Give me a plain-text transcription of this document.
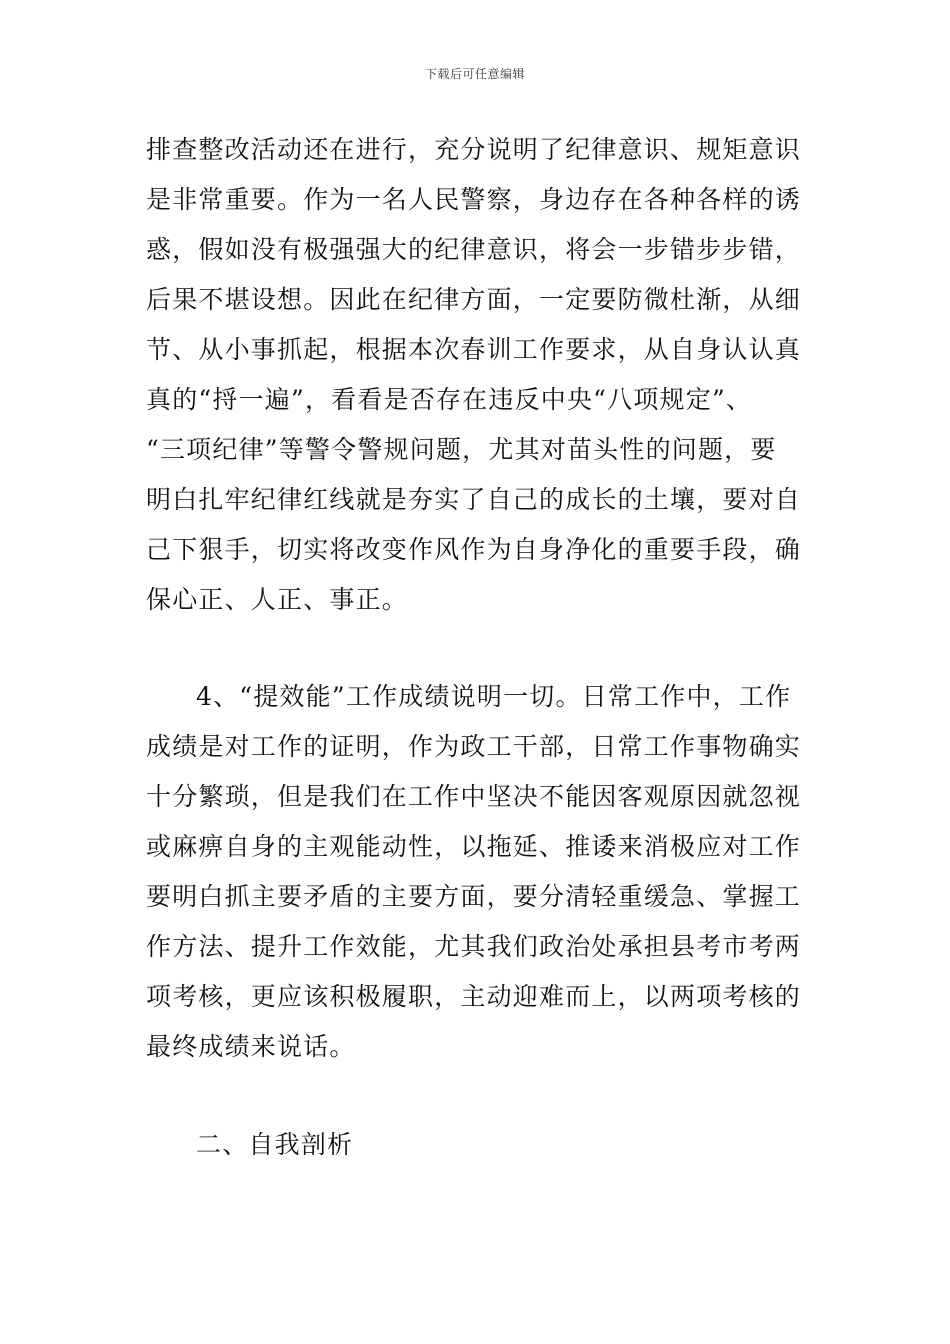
下载后可任意编辑
排查整改活动还在进行，充分说明了纪律意识、规矩意识
是非常重要。作为一名人民警察，身边存在各种各样的诱
惑，假如没有极强强大的纪律意识，将会一步错步步错，
后果不堪设想。因此在纪律方面，一定要防微杜渐，从细
节、从小事抓起，根据本次春训工作要求，从自身认认真
真的“捋一遍”，看看是否存在违反中央“八项规定”、
“三项纪律”等警令警规问题，尤其对苗头性的问题，要
明白扎牢纪律红线就是夯实了自己的成长的土壤，要对自
己下狠手，切实将改变作风作为自身净化的重要手段，确
保心正、人正、事正。
4、“提效能”工作成绩说明一切。日常工作中，工作
成绩是对工作的证明，作为政工干部，日常工作事物确实
十分繁琐，但是我们在工作中坚决不能因客观原因就忽视
或麻痹自身的主观能动性，以拖延、推诿来消极应对工作
要明白抓主要矛盾的主要方面，要分清轻重缓急、掌握工
作方法、提升工作效能，尤其我们政治处承担县考市考两
项考核，更应该积极履职，主动迎难而上，以两项考核的
最终成绩来说话。
二、自我剖析
